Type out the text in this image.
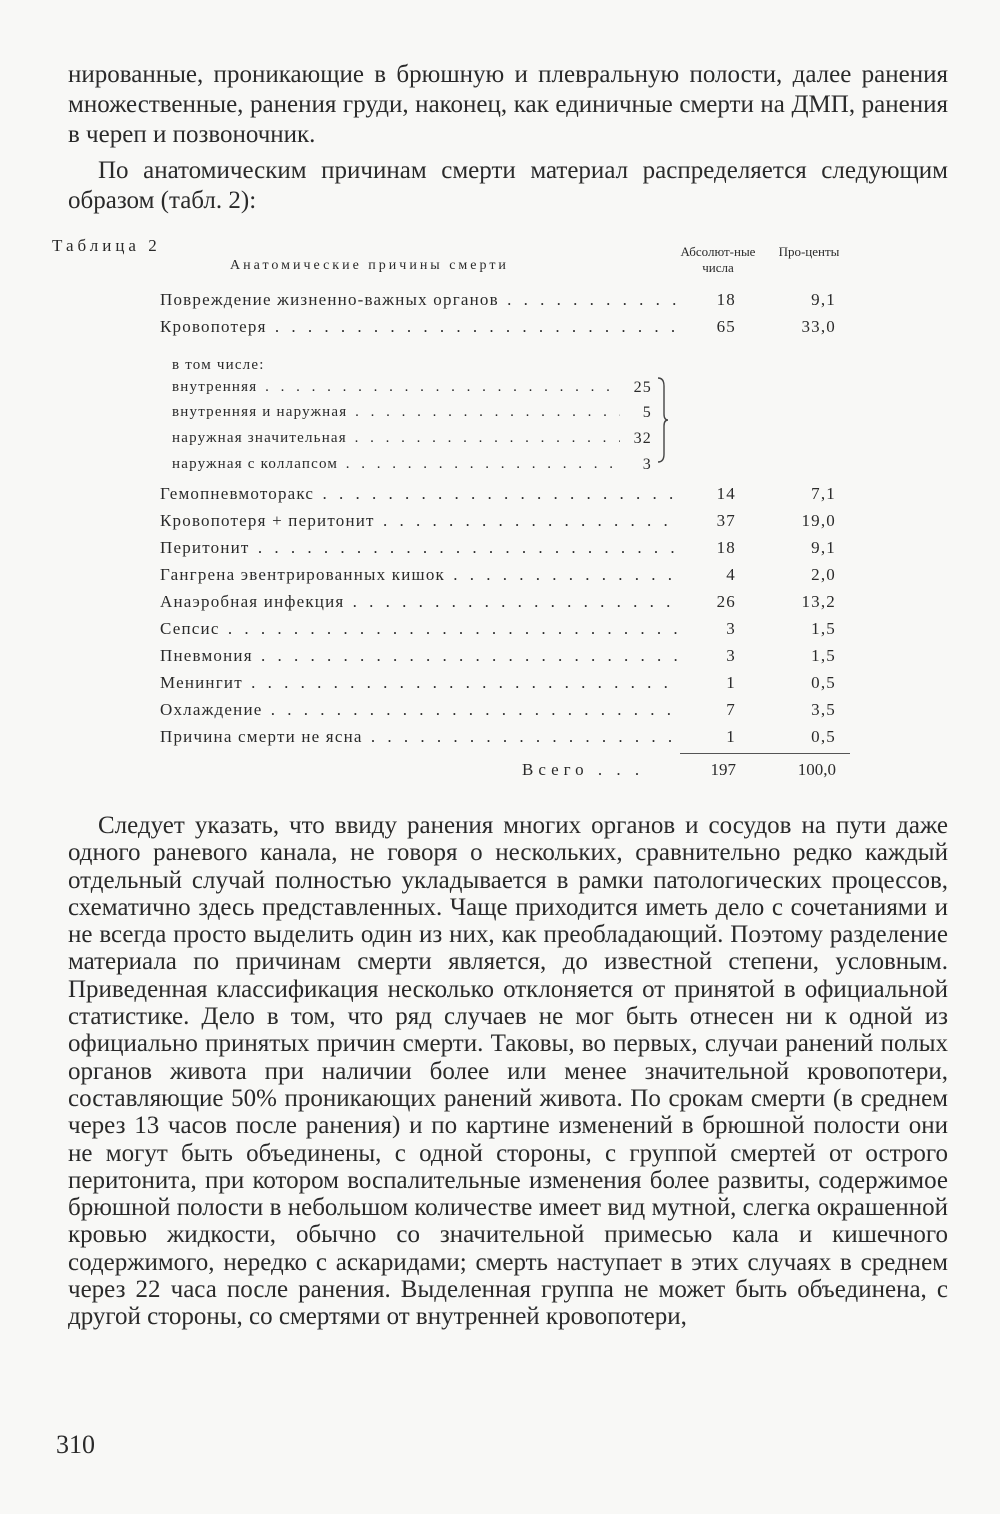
нированные, проникающие в брюшную и плевральную полости, далее ранения множественные, ранения груди, наконец, как единичные смерти на ДМП, ранения в череп и позвоночник.

По анатомическим причинам смерти материал распределяется следующим образом (табл. 2):

Таблица 2
Анатомические причины смерти
Абсолют-ные числа
Про-центы
Повреждение жизненно-важных органов . . .	18	9,1
Кровопотеря . . .	65	33,0
в том числе:
внутренняя . . .	25
внутренняя и наружная . . .	5
наружная значительная . . .	32
наружная с коллапсом . . .	3
Гемопневмоторакс . . .	14	7,1
Кровопотеря + перитонит . . .	37	19,0
Перитонит . . .	18	9,1
Гангрена эвентрированных кишок . . .	4	2,0
Анаэробная инфекция . . .	26	13,2
Сепсис . . .	3	1,5
Пневмония . . .	3	1,5
Менингит . . .	1	0,5
Охлаждение . . .	7	3,5
Причина смерти не ясна . . .	1	0,5
Всего . . .	197	100,0

Следует указать, что ввиду ранения многих органов и сосудов на пути даже одного раневого канала, не говоря о нескольких, сравнительно редко каждый отдельный случай полностью укладывается в рамки патологических процессов, схематично здесь представленных. Чаще приходится иметь дело с сочетаниями и не всегда просто выделить один из них, как преобладающий. Поэтому разделение материала по причинам смерти является, до известной степени, условным. Приведенная классификация несколько отклоняется от принятой в официальной статистике. Дело в том, что ряд случаев не мог быть отнесен ни к одной из официально принятых причин смерти. Таковы, во первых, случаи ранений полых органов живота при наличии более или менее значительной кровопотери, составляющие 50% проникающих ранений живота. По срокам смерти (в среднем через 13 часов после ранения) и по картине изменений в брюшной полости они не могут быть объединены, с одной стороны, с группой смертей от острого перитонита, при котором воспалительные изменения более развиты, содержимое брюшной полости в небольшом количестве имеет вид мутной, слегка окрашенной кровью жидкости, обычно со значительной примесью кала и кишечного содержимого, нередко с аскаридами; смерть наступает в этих случаях в среднем через 22 часа после ранения. Выделенная группа не может быть объединена, с другой стороны, со смертями от внутренней кровопотери,

310
